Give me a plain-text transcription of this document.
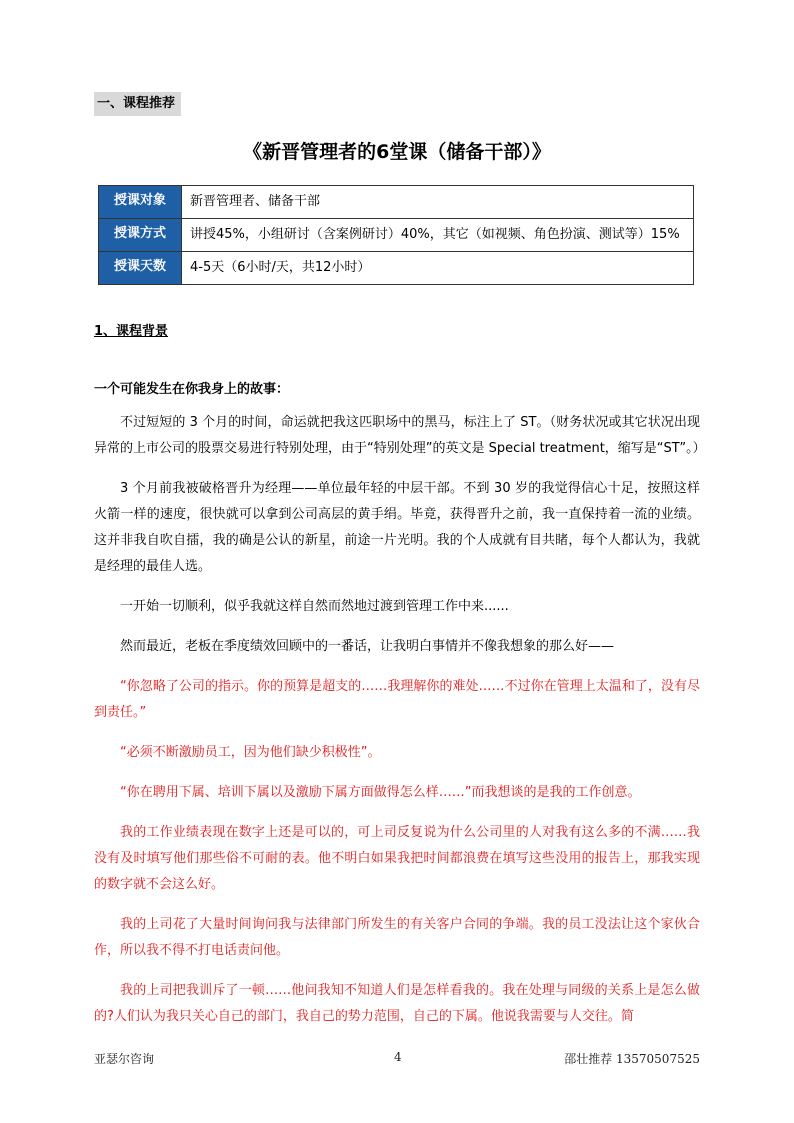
一、课程推荐
《新晋管理者的6堂课（储备干部）》
授课对象	新晋管理者、储备干部
授课方式	讲授45%，小组研讨（含案例研讨）40%，其它（如视频、角色扮演、测试等）15%
授课天数	4-5天（6小时/天，共12小时）
1、课程背景
一个可能发生在你我身上的故事：

不过短短的 3 个月的时间，命运就把我这匹职场中的黑马，标注上了 ST。（财务状况或其它状况出现异常的上市公司的股票交易进行特别处理，由于“特别处理”的英文是 Special treatment，缩写是“ST”。）

3 个月前我被破格晋升为经理——单位最年轻的中层干部。不到 30 岁的我觉得信心十足，按照这样火箭一样的速度，很快就可以拿到公司高层的黄手绢。毕竟，获得晋升之前，我一直保持着一流的业绩。这并非我自吹自擂，我的确是公认的新星，前途一片光明。我的个人成就有目共睹，每个人都认为，我就是经理的最佳人选。

一开始一切顺利，似乎我就这样自然而然地过渡到管理工作中来......

然而最近，老板在季度绩效回顾中的一番话，让我明白事情并不像我想象的那么好——

“你忽略了公司的指示。你的预算是超支的……我理解你的难处……不过你在管理上太温和了，没有尽到责任。”

“必须不断激励员工，因为他们缺少积极性”。

“你在聘用下属、培训下属以及激励下属方面做得怎么样……”而我想谈的是我的工作创意。

我的工作业绩表现在数字上还是可以的，可上司反复说为什么公司里的人对我有这么多的不满……我没有及时填写他们那些俗不可耐的表。他不明白如果我把时间都浪费在填写这些没用的报告上，那我实现的数字就不会这么好。

我的上司花了大量时间询问我与法律部门所发生的有关客户合同的争端。我的员工没法让这个家伙合作，所以我不得不打电话责问他。

我的上司把我训斥了一顿……他问我知不知道人们是怎样看我的。我在处理与同级的关系上是怎么做的?人们认为我只关心自己的部门，我自己的势力范围，自己的下属。他说我需要与人交往。简

亚瑟尔咨询	4	邵壮推荐 13570507525
